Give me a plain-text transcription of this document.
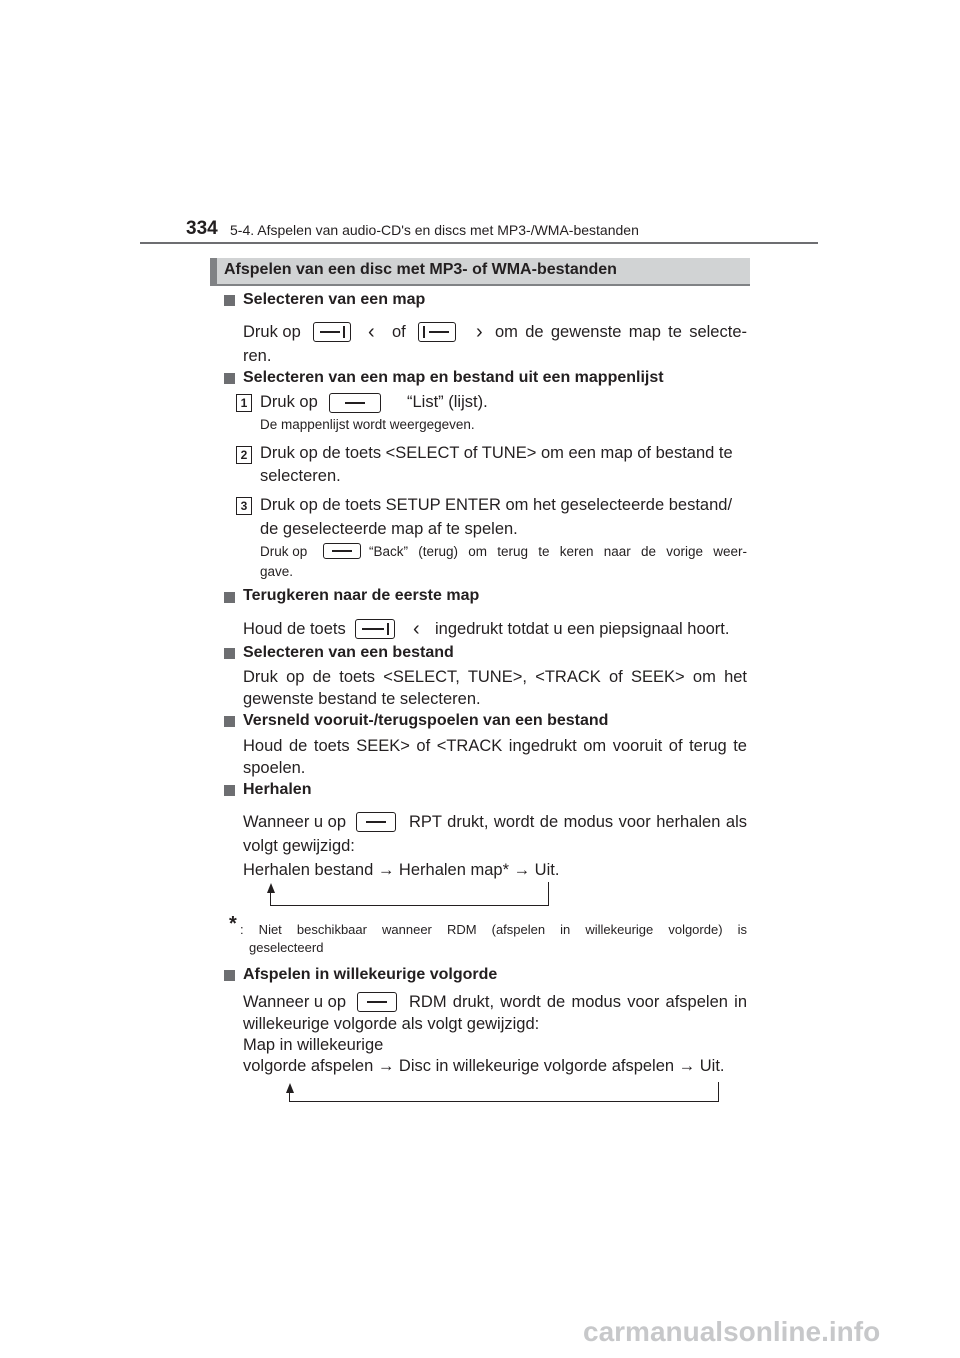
334 5-4. Afspelen van audio-CD's en discs met MP3-/WMA-bestanden
Afspelen van een disc met MP3- of WMA-bestanden
Selecteren van een map
Druk op	‹ of	› om de gewenste map te selecte-
ren.
Selecteren van een map en bestand uit een mappenlijst
1 Druk op	“List” (lijst).
De mappenlijst wordt weergegeven.
2 Druk op de toets <SELECT of TUNE> om een map of bestand te
selecteren.
3 Druk op de toets SETUP ENTER om het geselecteerde bestand/
de geselecteerde map af te spelen.
Druk op	“Back” (terug) om terug te keren naar de vorige weer-
gave.
Terugkeren naar de eerste map
Houd de toets	‹ ingedrukt totdat u een piepsignaal hoort.
Selecteren van een bestand
Druk op de toets <SELECT, TUNE>, <TRACK of SEEK> om het gewenste bestand te selecteren.
Versneld vooruit-/terugspoelen van een bestand
Houd de toets SEEK> of <TRACK ingedrukt om vooruit of terug te spoelen.
Herhalen
Wanneer u op	RPT drukt, wordt de modus voor herhalen als
volgt gewijzigd:
Herhalen bestand → Herhalen map* → Uit.
* : Niet beschikbaar wanneer RDM (afspelen in willekeurige volgorde) is
geselecteerd
Afspelen in willekeurige volgorde
Wanneer u op	RDM drukt, wordt de modus voor afspelen in
willekeurige volgorde als volgt gewijzigd:
Map in willekeurige
volgorde afspelen → Disc in willekeurige volgorde afspelen → Uit.
carmanualsonline.info
